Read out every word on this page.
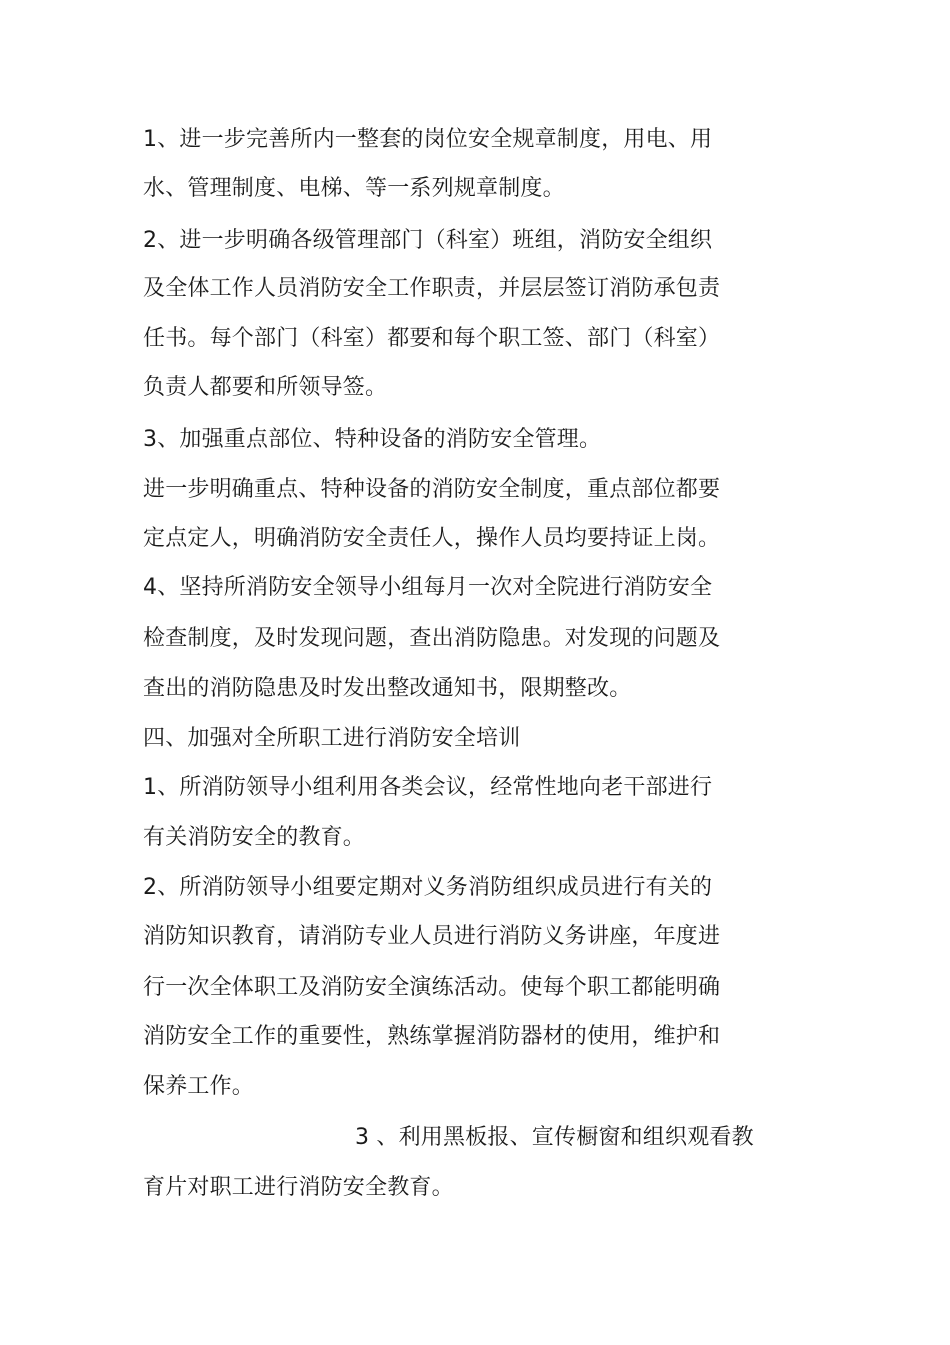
1、进一步完善所内一整套的岗位安全规章制度，用电、用
水、管理制度、电梯、等一系列规章制度。
2、进一步明确各级管理部门（科室）班组，消防安全组织
及全体工作人员消防安全工作职责，并层层签订消防承包责
任书。每个部门（科室）都要和每个职工签、部门（科室）
负责人都要和所领导签。
3、加强重点部位、特种设备的消防安全管理。
进一步明确重点、特种设备的消防安全制度，重点部位都要
定点定人，明确消防安全责任人，操作人员均要持证上岗。
4、坚持所消防安全领导小组每月一次对全院进行消防安全
检查制度，及时发现问题，查出消防隐患。对发现的问题及
查出的消防隐患及时发出整改通知书，限期整改。
四、加强对全所职工进行消防安全培训
1、所消防领导小组利用各类会议，经常性地向老干部进行
有关消防安全的教育。
2、所消防领导小组要定期对义务消防组织成员进行有关的
消防知识教育，请消防专业人员进行消防义务讲座，年度进
行一次全体职工及消防安全演练活动。使每个职工都能明确
消防安全工作的重要性，熟练掌握消防器材的使用，维护和
保养工作。
3 、利用黑板报、宣传橱窗和组织观看教
育片对职工进行消防安全教育。
